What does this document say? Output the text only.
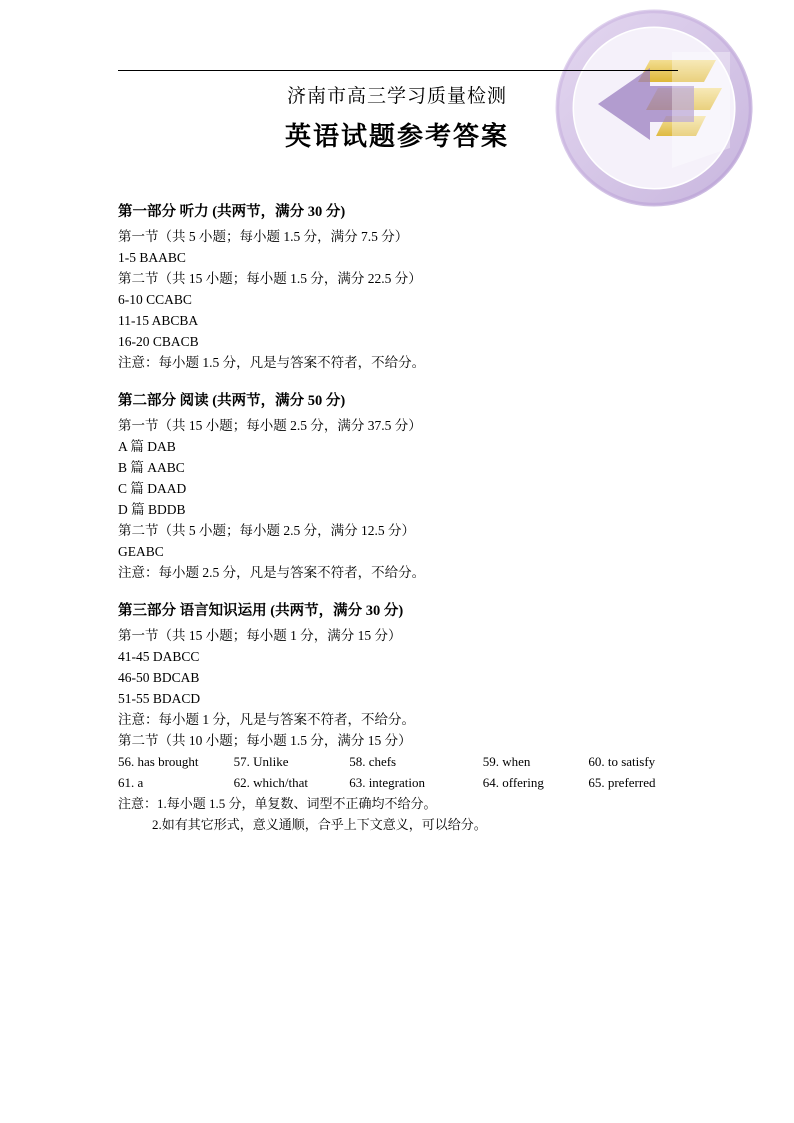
济南市高三学习质量检测
英语试题参考答案
第一部分 听力 (共两节，满分 30 分)
第一节（共 5 小题；每小题 1.5 分，满分 7.5 分）
1-5 BAABC
第二节（共 15 小题；每小题 1.5 分，满分 22.5 分）
6-10 CCABC
11-15 ABCBA
16-20 CBACB
注意：每小题 1.5 分，凡是与答案不符者，不给分。
第二部分 阅读 (共两节，满分 50 分)
第一节（共 15 小题；每小题 2.5 分，满分 37.5 分）
A 篇 DAB
B 篇 AABC
C 篇 DAAD
D 篇 BDDB
第二节（共 5 小题；每小题 2.5 分，满分 12.5 分）
GEABC
注意：每小题 2.5 分，凡是与答案不符者，不给分。
第三部分 语言知识运用 (共两节，满分 30 分)
第一节（共 15 小题；每小题 1 分，满分 15 分）
41-45 DABCC
46-50 BDCAB
51-55 BDACD
注意：每小题 1 分，凡是与答案不符者，不给分。
第二节（共 10 小题；每小题 1.5 分，满分 15 分）
56. has brought	57. Unlike	58. chefs	59. when	60. to satisfy
61. a	62. which/that	63. integration	64. offering	65. preferred
注意：1.每小题 1.5 分，单复数、词型不正确均不给分。
2.如有其它形式，意义通顺，合乎上下文意义，可以给分。
